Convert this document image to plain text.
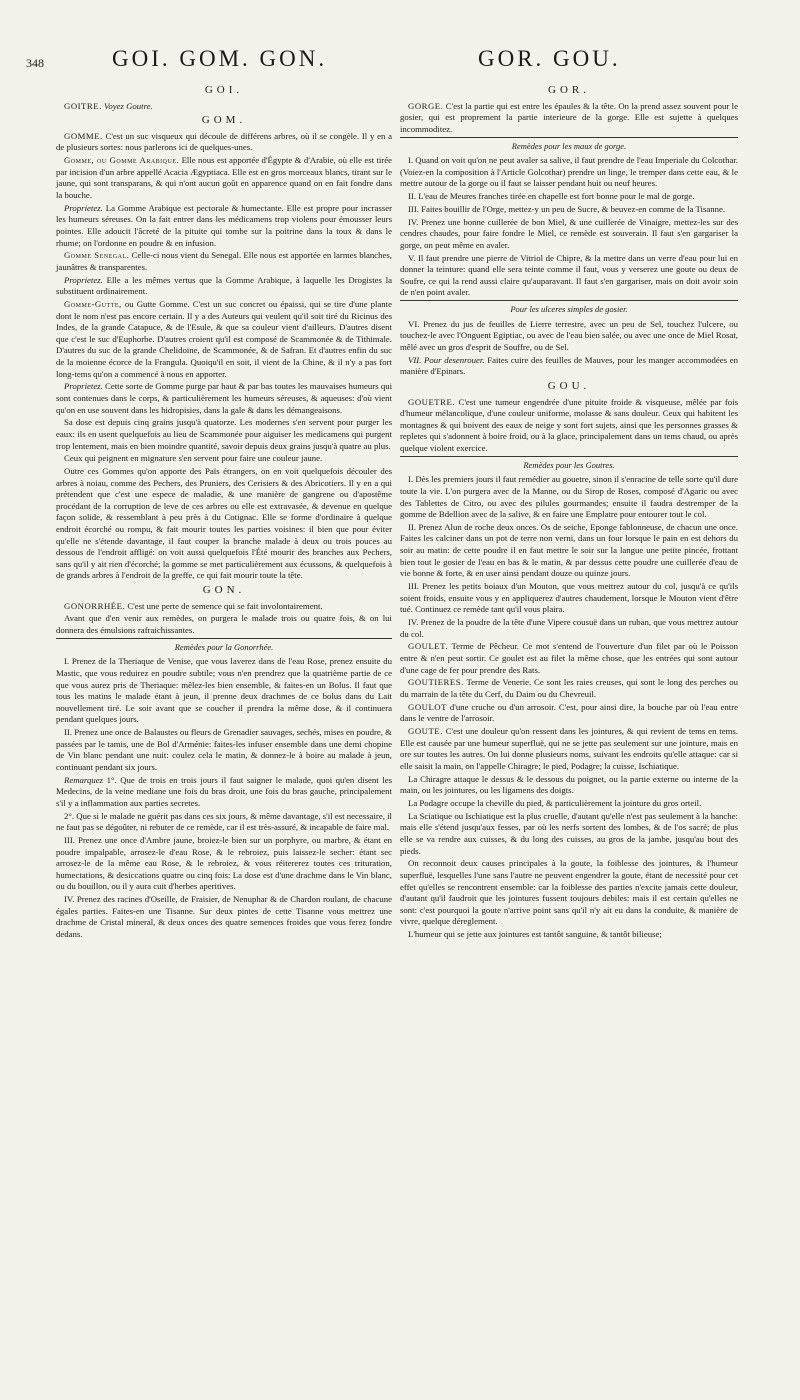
348	GOI. GOM. GON.	GOR. GOU.
GOI.

GOITRE. Voyez Goutre.

GOM.

GOMME. C'est un suc visqueux qui découle de différens arbres, où il se congèle. Il y en a de plusieurs sortes: nous parlerons ici de quelques-unes.

Gomme, ou Gomme Arabique. Elle nous est apportée d'Égypte & d'Arabie, où elle est tirée par incision d'un arbre appellé Acacia Ægyptiaca. Elle est en gros morceaux blancs, tirant sur le jaune, qui sont transparans, & qui n'ont aucun goût en apparence quand on en fait fondre dans la bouche.

Proprietez. La Gomme Arabique est pectorale & humectante. Elle est propre pour incrasser les humeurs séreuses. On la fait entrer dans les médicamens trop violens pour émousser leurs pointes. Elle adoucit l'âcreté de la pituite qui tombe sur la poitrine dans la toux & dans le rhume; on l'ordonne en poudre & en infusion.

Gomme Senegal. Celle-ci nous vient du Senegal. Elle nous est apportée en larmes blanches, jaunâtres & transparentes.

Proprietez. Elle a les mêmes vertus que la Gomme Arabique, à laquelle les Drogistes la substituent ordinairement.

Gomme-Gutte, ou Gutte Gomme. C'est un suc concret ou épaissi, qui se tire d'une plante dont le nom n'est pas encore certain. Il y a des Auteurs qui veulent qu'il soit tiré du Ricinus des Indes, de la grande Catapuce, & de l'Esule, & que sa couleur vient d'ailleurs. D'autres disent que c'est le suc d'Euphorbe. D'autres croient qu'il est composé de Scammonée & de Tithimale. D'autres du suc de la grande Chelidoine, de Scammonée, & de Safran. Et d'autres enfin du suc de la moienne écorce de la Frangula. Quoiqu'il en soit, il vient de la Chine, & il n'y a pas fort long-tems qu'on a commencé à nous en apporter.

Proprietez. Cette sorte de Gomme purge par haut & par bas toutes les mauvaises humeurs qui sont contenues dans le corps, & particulièrement les humeurs séreuses, & aqueuses: d'où vient qu'on en use souvent dans les hidropisies, dans la gale & dans les démangeaisons.

Sa dose est depuis cinq grains jusqu'à quatorze. Les modernes s'en servent pour purger les eaux: ils en usent quelquefois au lieu de Scammonée pour aiguiser les medicamens qui purgent trop lentement, mais en bien moindre quantité, savoir depuis deux grains jusqu'à quatre au plus.

Ceux qui peignent en mignature s'en servent pour faire une couleur jaune.

Outre ces Gommes qu'on apporte des Païs étrangers, on en voit quelquefois découler des arbres à noiau, comme des Pechers, des Pruniers, des Cerisiers & des Abricotiers. Il y en a qui prétendent que c'est une espece de maladie, & une manière de gangrene ou d'apostême procédant de la corruption de leve de ces arbres ou elle est extravasée, & devenue en quelque façon solide, & ressemblant à peu près à du Cotignac. Elle se forme d'ordinaire à quelque endroit écorché ou rompu, & fait mourir toutes les parties voisines: il bien que pour éviter qu'elle ne s'étende davantage, il faut couper la branche malade à deux ou trois pouces au dessous de l'endroit affligé: on voit aussi quelquefois l'Été mourir des branches aux Pechers, sans qu'il y ait rien d'écorché; la gomme se met particulièrement aux écussons, & quelquefois à de grands arbres à l'endroit de la greffe, ce qui fait mourir toute la tête.

GON.

GONORRHÉE. C'est une perte de semence qui se fait involontairement.

Avant que d'en venir aux remèdes, on purgera le malade trois ou quatre fois, & on lui donnera des émulsions rafraichissantes.

Remèdes pour la Gonorrhée.

I. Prenez de la Theriaque de Venise, que vous laverez dans de l'eau Rose, prenez ensuite du Mastic, que vous reduirez en poudre subtile; vous n'en prendrez que la quatrième partie de ce que vous aurez pris de Theriaque: mêlez-les bien ensemble, & faites-en un Bolus. Il faut que tous les matins le malade étant à jeun, il prenne deux drachmes de ce bolus dans du Lait nouvellement tiré. Le soir avant que se coucher il prendra la même dose, & il continuera pendant quelques jours.

II. Prenez une once de Balaustes ou fleurs de Grenadier sauvages, sechés, mises en poudre, & passées par le tamis, une de Bol d'Arménie: faites-les infuser ensemble dans une demi chopine de Vin blanc pendant une nuit: coulez cela le matin, & donnez-le à boire au malade à jeun, continuant pendant six jours.

Remarquez 1°. Que de trois en trois jours il faut saigner le malade, quoi qu'en disent les Medecins, de la veine mediane une fois du bras droit, une fois du bras gauche, principalement s'il y a inflammation aux parties secretes.

2°. Que si le malade ne guérit pas dans ces six jours, & même davantage, s'il est necessaire, il ne faut pas se dégoûter, ni rebuter de ce remède, car il est très-assuré, & incapable de faire mal.

III. Prenez une once d'Ambre jaune, broiez-le bien sur un porphyre, ou marbre, & étant en poudre impalpable, arrosez-le d'eau Rose, & le rebroiez, puis laissez-le secher: étant sec arrosez-le de la même eau Rose, & le rebroiez, & vous réitererez toutes ces trituration, humectations, & desiccations quatre ou cinq fois: La dose est d'une drachme dans le Vin blanc, ou du bouillon, ou il y aura cuit d'herbes aperitives.

IV. Prenez des racines d'Oseille, de Fraisier, de Nenuphar & de Chardon roulant, de chacune égales parties. Faites-en une Tisanne. Sur deux pintes de cette Tisanne vous mettrez une drachme de Cristal mineral, & deux onces des quatre semences froides que vous ferez fondre dedans.

GOR.

GORGE. C'est la partie qui est entre les épaules & la tête. On la prend assez souvent pour le gosier, qui est proprement la partie interieure de la gorge. Elle est sujette à quelques incommoditez.

Remèdes pour les maux de gorge.

I. Quand on voit qu'on ne peut avaler sa salive, il faut prendre de l'eau Imperiale du Colcothar. (Voiez-en la composition à l'Article Golcothar) prendre un linge, le tremper dans cette eau, & le mettre autour de la gorge ou il faut se laisser pendant huit ou neuf heures.

II. L'eau de Meures franches tirée en chapelle est fort bonne pour le mal de gorge.

III. Faites bouillir de l'Orge, mettez-y un peu de Sucre, & beuvez-en comme de la Tisanne.

IV. Prenez une bonne cuillerée de bon Miel, & une cuillerée de Vinaigre, mettez-les sur des cendres chaudes, pour faire fondre le Miel, ce remède est souverain. Il faut s'en gargariser la gorge, on peut même en avaler.

V. Il faut prendre une pierre de Vitriol de Chipre, & la mettre dans un verre d'eau pour lui en donner la teinture: quand elle sera teinte comme il faut, vous y verserez une goute ou deux de Soufre, ce qui la rend aussi claire qu'auparavant. Il faut s'en gargariser, mais on doit avoir soin de n'en point avaler.

Pour les ulceres simples de gosier.

VI. Prenez du jus de feuilles de Lierre terrestre, avec un peu de Sel, touchez l'ulcere, ou touchez-le avec l'Onguent Egiptiac, ou avec de l'eau bien salée, ou avec une once de Miel Rosat, mêlé avec un gros d'esprit de Souffre, ou de Sel.

VII. Pour desenrouer. Faites cuire des feuilles de Mauves, pour les manger accommodées en manière d'Epinars.

GOU.

GOUETRE. C'est une tumeur engendrée d'une pituite froide & visqueuse, mêlée par fois d'humeur mélancolique, d'une couleur uniforme, molasse & sans douleur. Ceux qui habitent les montagnes & qui boivent des eaux de neige y sont fort sujets, ainsi que les personnes grasses & repletes qui s'adonnent à boire froid, ou à la glace, principalement dans un tems chaud, ou après quelque violent exercice.

Remèdes pour les Goutres.

I. Dès les premiers jours il faut remédier au gouetre, sinon il s'enracine de telle sorte qu'il dure toute la vie. L'on purgera avec de la Manne, ou du Sirop de Roses, composé d'Agaric ou avec des Tablettes de Citro, ou avec des pilules gourmandes; ensuite il faudra destremper de la gomme de Bdellion avec de la salive, & en faire une Emplatre pour entourer tout le col.

II. Prenez Alun de roche deux onces. Os de seiche, Eponge fablonneuse, de chacun une once. Faites les calciner dans un pot de terre non verni, dans un four lorsque le pain en est dehors du soir au matin: de cette poudre il en faut mettre le soir sur la langue une petite pincée, frottant bien tout le gosier de l'eau en bas & le matin, & par dessus cette poudre une cuillerée d'eau de vie bonne & forte, & en user ainsi pendant douze ou quinze jours.

III. Prenez les petits boiaux d'un Mouton, que vous mettrez autour du col, jusqu'à ce qu'ils soient froids, ensuite vous y en appliquerez d'autres chaudement, lorsque le Mouton vient d'être tué. Continuez ce remède tant qu'il vous plaira.

IV. Prenez de la poudre de la tête d'une Vipere cousuë dans un ruban, que vous mettrez autour du col.

GOULET. Terme de Pêcheur. Ce mot s'entend de l'ouverture d'un filet par où le Poisson entre & n'en peut sortir. Ce goulet est au filet la même chose, que les entrées qui sont autour d'une cage de fer pour prendre des Rats.

GOUTIERES. Terme de Venerie. Ce sont les raies creuses, qui sont le long des perches ou du marrain de la tête du Cerf, du Daim ou du Chevreuil.

GOULOT d'une cruche ou d'un arrosoir. C'est, pour ainsi dire, la bouche par où l'eau entre dans le ventre de l'arrosoir.

GOUTE. C'est une douleur qu'on ressent dans les jointures, & qui revient de tems en tems. Elle est causée par une humeur superfluë, qui ne se jette pas seulement sur une jointure, mais en ore sur toutes les autres. On lui donne plusieurs noms, suivant les endroits qu'elle attaque: car si elle saisit la main, on l'appelle Chiragre; le pied, Podagre; la cuisse, Ischiatique.

La Chiragre attaque le dessus & le dessous du poignet, ou la partie externe ou interne de la main, ou les jointures, ou les ligamens des doigts.

La Podagre occupe la cheville du pied, & particulièrement la jointure du gros orteil.

La Sciatique ou Ischiatique est la plus cruelle, d'autant qu'elle n'est pas seulement à la hanche: mais elle s'étend jusqu'aux fesses, par où les nerfs sortent des lombes, & de l'os sacré; de plus elle se va rendre aux cuisses, & du long des cuisses, au gros de la jambe, jusqu'au bout des pieds.

On reconnoit deux causes principales à la goute, la foiblesse des jointures, & l'humeur superfluë, lesquelles l'une sans l'autre ne peuvent engendrer la goute, étant de necessité pour cet effet qu'elles se rencontrent ensemble: car la foiblesse des parties n'excite jamais cette douleur, d'autant qu'il faudroit que les jointures fussent toujours debiles: mais il est certain qu'elles ne sont: c'est pourquoi la goute n'arrive point sans qu'il n'y ait eu dans la conduite, & manière de vivre, quelque déreglement.

L'humeur qui se jette aux jointures est tantôt sanguine, & tantôt bilieuse;
